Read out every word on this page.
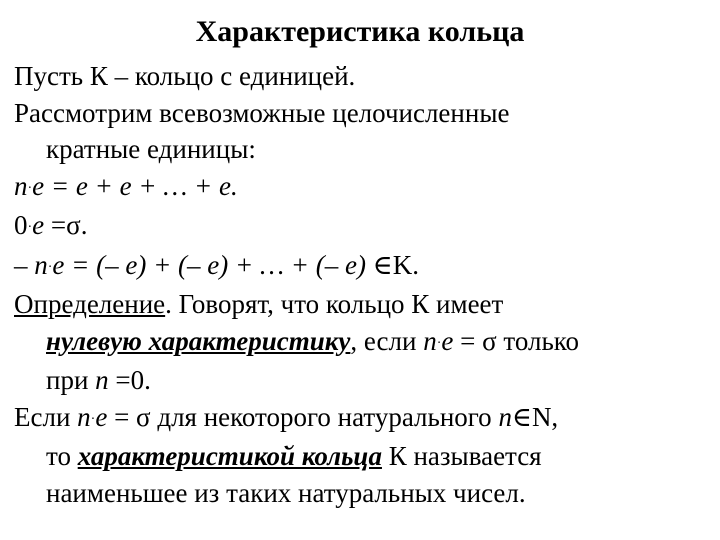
Характеристика кольца
Пусть К – кольцо с единицей.
Рассмотрим всевозможные целочисленные
кратные единицы:
n·e = e + e + … + e.
0·e =σ.
– n·e = (– e) + (– e) + … + (– e) ∈K.
Определение. Говорят, что кольцо К имеет
нулевую характеристику, если n·e = σ только
при n =0.
Если n·e = σ для некоторого натурального n∈N,
то характеристикой кольца К называется
наименьшее из таких натуральных чисел.
